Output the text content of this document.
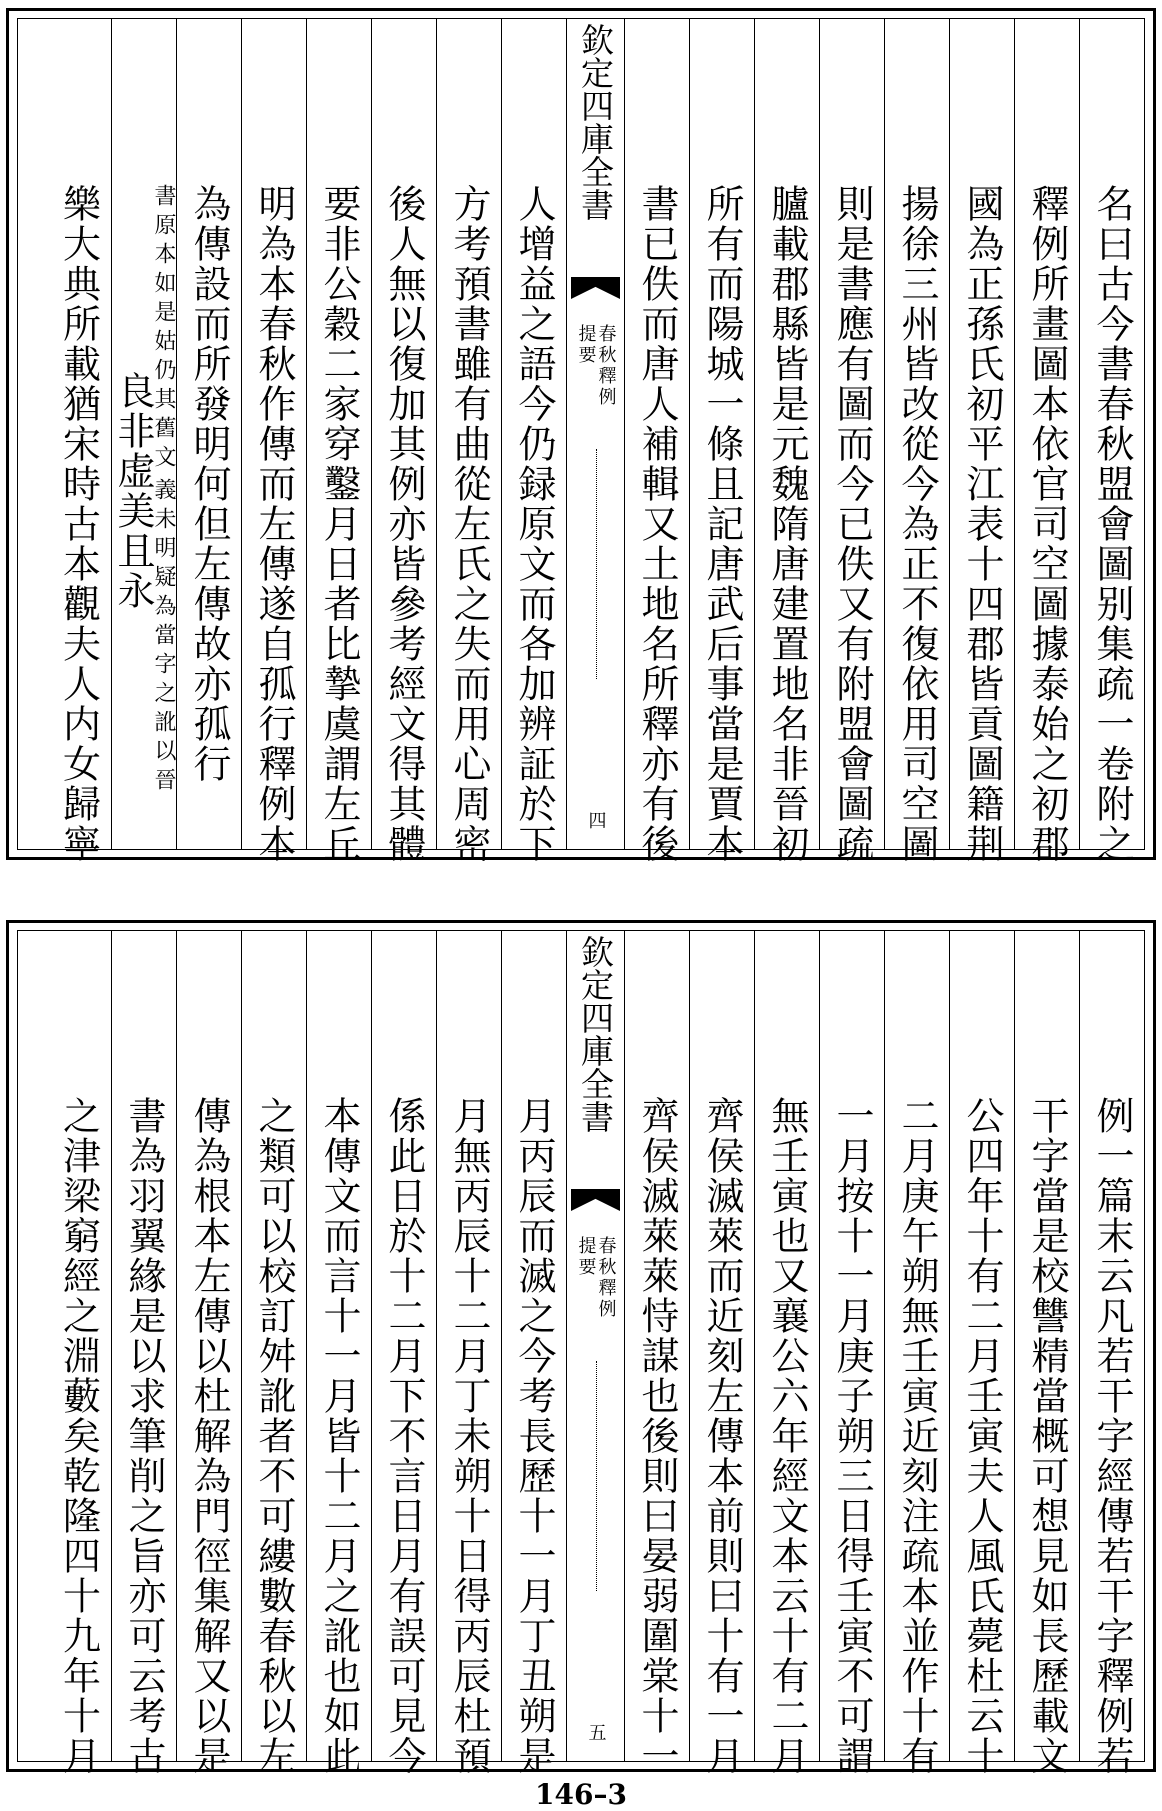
名曰古今書春秋盟會圖别集疏一卷附之
釋例所畫圖本依官司空圖據泰始之初郡
國為正孫氏初平江表十四郡皆貢圖籍荆
揚徐三州皆改從今為正不復依用司空圖
則是書應有圖而今已佚又有附盟會圖疏
臚載郡縣皆是元魏隋唐建置地名非晉初
所有而陽城一條且記唐武后事當是賈本
書已佚而唐人補輯又土地名所釋亦有後
欽定四庫全書
春秋釋例
提要
四
人增益之語今仍録原文而各加辨証於下
方考預書雖有曲從左氏之失而用心周密
後人無以復加其例亦皆參考經文得其體
要非公穀二家穿鑿月日者比摯虞謂左丘
明為本春秋作傳而左傳遂自孤行釋例本
為傳設而所發明何但左傳故亦孤行
義未明疑為當字之訛以晉
書原本如是姑仍其舊文
良非虚美且永
樂大典所載猶宋時古本觀夫人内女歸寧
例一篇末云凡若干字經傳若干字釋例若
干字當是校讐精當概可想見如長歷載文
公四年十有二月壬寅夫人風氏薨杜云十
二月庚午朔無壬寅近刻注疏本並作十有
一月按十一月庚子朔三日得壬寅不可謂
無壬寅也又襄公六年經文本云十有二月
齊侯滅萊而近刻左傳本前則曰十有一月
齊侯滅萊萊恃謀也後則曰晏弱圍棠十一
欽定四庫全書
春秋釋例
提要
五
月丙辰而滅之今考長歷十一月丁丑朔是
月無丙辰十二月丁未朔十日得丙辰杜預
係此日於十二月下不言日月有誤可見今
本傳文而言十一月皆十二月之訛也如此
之類可以校訂舛訛者不可縷數春秋以左
傳為根本左傳以杜解為門徑集解又以是
書為羽翼緣是以求筆削之旨亦可云考古
之津梁窮經之淵藪矣乾隆四十九年十月
146–3
